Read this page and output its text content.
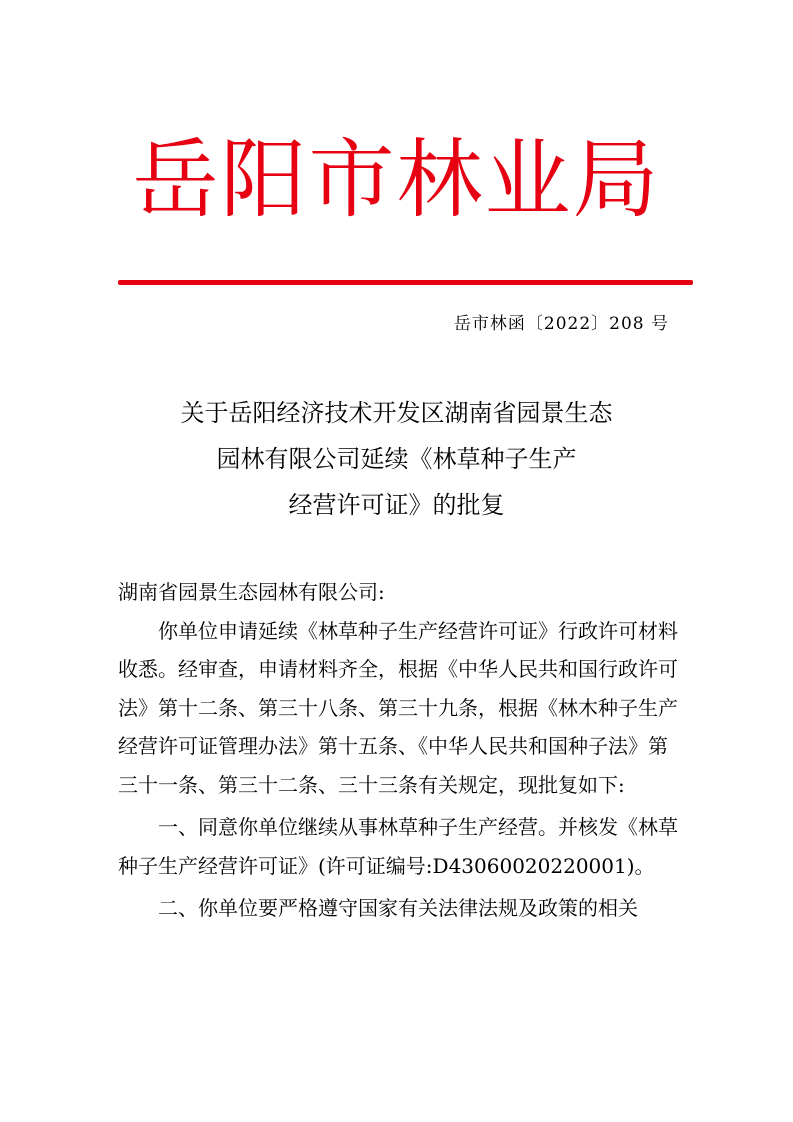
岳阳市林业局
岳市林函〔2022〕208 号
关于岳阳经济技术开发区湖南省园景生态
园林有限公司延续《林草种子生产
经营许可证》的批复

湖南省园景生态园林有限公司:

你单位申请延续《林草种子生产经营许可证》行政许可材料收悉。经审查，申请材料齐全，根据《中华人民共和国行政许可法》第十二条、第三十八条、第三十九条，根据《林木种子生产经营许可证管理办法》第十五条、《中华人民共和国种子法》第三十一条、第三十二条、三十三条有关规定，现批复如下:

一、同意你单位继续从事林草种子生产经营。并核发《林草种子生产经营许可证》(许可证编号:D43060020220001)。

二、你单位要严格遵守国家有关法律法规及政策的相关
